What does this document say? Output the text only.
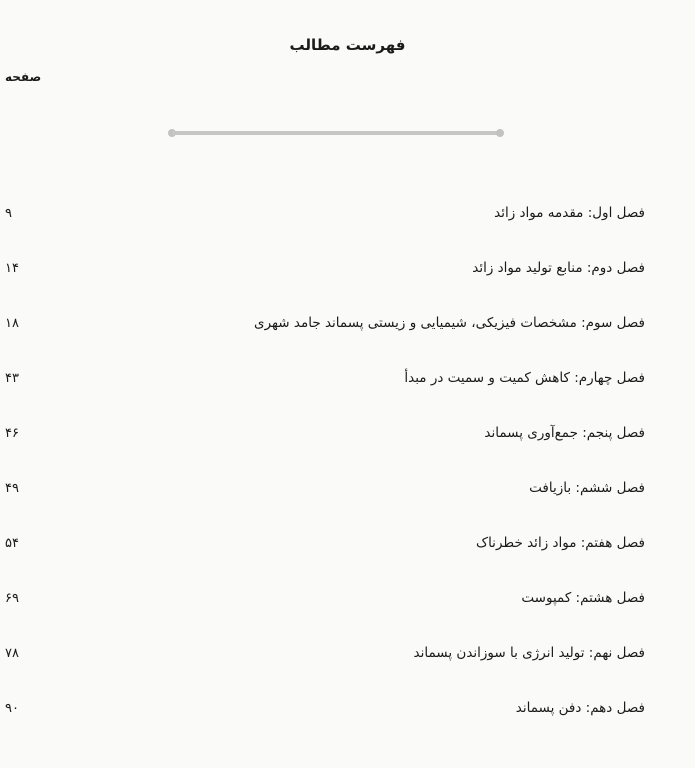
فهرست مطالب
صفحه
فصل اول: مقدمه مواد زائد
.....
۹
فصل دوم: منابع تولید مواد زائد
.....
۱۴
فصل سوم: مشخصات فیزیکی، شیمیایی و زیستی پسماند جامد شهری
.....
۱۸
فصل چهارم: کاهش کمیت و سمیت در مبدأ
.....
۴۳
فصل پنجم: جمع‌آوری پسماند
.....
۴۶
فصل ششم: بازیافت
.....
۴۹
فصل هفتم: مواد زائد خطرناک
.....
۵۴
فصل هشتم: کمپوست
.....
۶۹
فصل نهم: تولید انرژی با سوزاندن پسماند
.....
۷۸
فصل دهم: دفن پسماند
.....
۹۰
